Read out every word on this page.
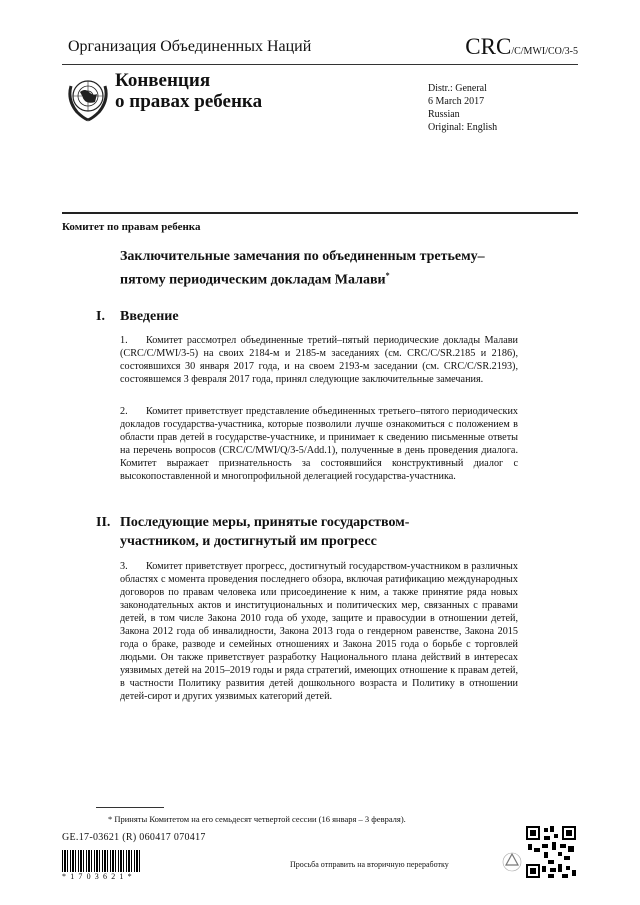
Организация Объединенных Наций	CRC/C/MWI/CO/3-5
Конвенция
о правах ребенка
Distr.: General
6 March 2017
Russian
Original: English
Комитет по правам ребенка
Заключительные замечания по объединенным третьему–пятому периодическим докладам Малави*
I. Введение
1. Комитет рассмотрел объединенные третий–пятый периодические доклады Малави (CRC/C/MWI/3-5) на своих 2184-м и 2185-м заседаниях (см. CRC/C/SR.2185 и 2186), состоявшихся 30 января 2017 года, и на своем 2193-м заседании (см. CRC/C/SR.2193), состоявшемся 3 февраля 2017 года, принял следующие заключительные замечания.
2. Комитет приветствует представление объединенных третьего–пятого периодических докладов государства-участника, которые позволили лучше ознакомиться с положением в области прав детей в государстве-участнике, и принимает к сведению письменные ответы на перечень вопросов (CRC/C/MWI/Q/3-5/Add.1), полученные в день проведения диалога. Комитет выражает признательность за состоявшийся конструктивный диалог с высокопоставленной и многопрофильной делегацией государства-участника.
II. Последующие меры, принятые государством-участником, и достигнутый им прогресс
3. Комитет приветствует прогресс, достигнутый государством-участником в различных областях с момента проведения последнего обзора, включая ратификацию международных договоров по правам человека или присоединение к ним, а также принятие ряда новых законодательных актов и институциональных и политических мер, связанных с правами детей, в том числе Закона 2010 года об уходе, защите и правосудии в отношении детей, Закона 2012 года об инвалидности, Закона 2013 года о гендерном равенстве, Закона 2015 года о браке, разводе и семейных отношениях и Закона 2015 года о борьбе с торговлей людьми. Он также приветствует разработку Национального плана действий в интересах уязвимых детей на 2015–2019 годы и ряда стратегий, имеющих отношение к правам детей, в частности Политику развития детей дошкольного возраста и Политику в отношении детей-сирот и других уязвимых категорий детей.
* Приняты Комитетом на его семьдесят четвертой сессии (16 января – 3 февраля).
GE.17-03621 (R) 060417 070417
*1703621*
Просьба отправить на вторичную переработку
